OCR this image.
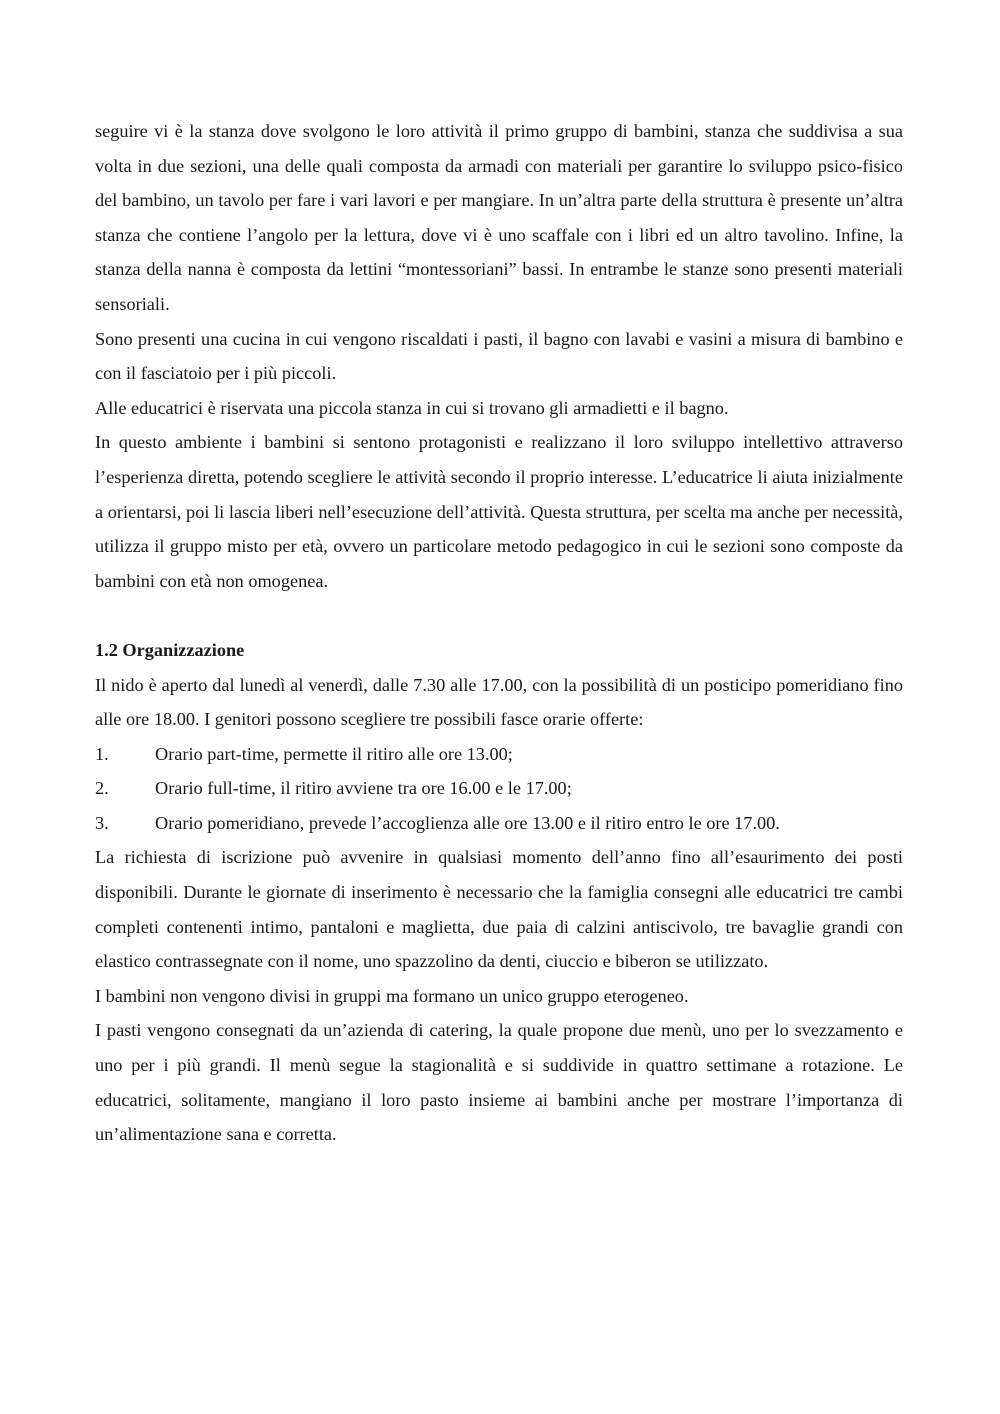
seguire vi è la stanza dove svolgono le loro attività il primo gruppo di bambini, stanza che suddivisa a sua volta in due sezioni, una delle quali composta da armadi con materiali per garantire lo sviluppo psico-fisico del bambino, un tavolo per fare i vari lavori e per mangiare. In un’altra parte della struttura è presente un’altra stanza che contiene l’angolo per la lettura, dove vi è uno scaffale con i libri ed un altro tavolino. Infine, la stanza della nanna è composta da lettini “montessoriani” bassi. In entrambe le stanze sono presenti materiali sensoriali.

Sono presenti una cucina in cui vengono riscaldati i pasti, il bagno con lavabi e vasini a misura di bambino e con il fasciatoio per i più piccoli.

Alle educatrici è riservata una piccola stanza in cui si trovano gli armadietti e il bagno.

In questo ambiente i bambini si sentono protagonisti e realizzano il loro sviluppo intellettivo attraverso l’esperienza diretta, potendo scegliere le attività secondo il proprio interesse. L’educatrice li aiuta inizialmente a orientarsi, poi li lascia liberi nell’esecuzione dell’attività. Questa struttura, per scelta ma anche per necessità, utilizza il gruppo misto per età, ovvero un particolare metodo pedagogico in cui le sezioni sono composte da bambini con età non omogenea.

1.2 Organizzazione

Il nido è aperto dal lunedì al venerdì, dalle 7.30 alle 17.00, con la possibilità di un posticipo pomeridiano fino alle ore 18.00. I genitori possono scegliere tre possibili fasce orarie offerte:

1.	Orario part-time, permette il ritiro alle ore 13.00;
2.	Orario full-time, il ritiro avviene tra ore 16.00 e le 17.00;
3.	Orario pomeridiano, prevede l’accoglienza alle ore 13.00 e il ritiro entro le ore 17.00.

La richiesta di iscrizione può avvenire in qualsiasi momento dell’anno fino all’esaurimento dei posti disponibili. Durante le giornate di inserimento è necessario che la famiglia consegni alle educatrici tre cambi completi contenenti intimo, pantaloni e maglietta, due paia di calzini antiscivolo, tre bavaglie grandi con elastico contrassegnate con il nome, uno spazzolino da denti, ciuccio e biberon se utilizzato.

I bambini non vengono divisi in gruppi ma formano un unico gruppo eterogeneo.

I pasti vengono consegnati da un’azienda di catering, la quale propone due menù, uno per lo svezzamento e uno per i più grandi. Il menù segue la stagionalità e si suddivide in quattro settimane a rotazione. Le educatrici, solitamente, mangiano il loro pasto insieme ai bambini anche per mostrare l’importanza di un’alimentazione sana e corretta.
